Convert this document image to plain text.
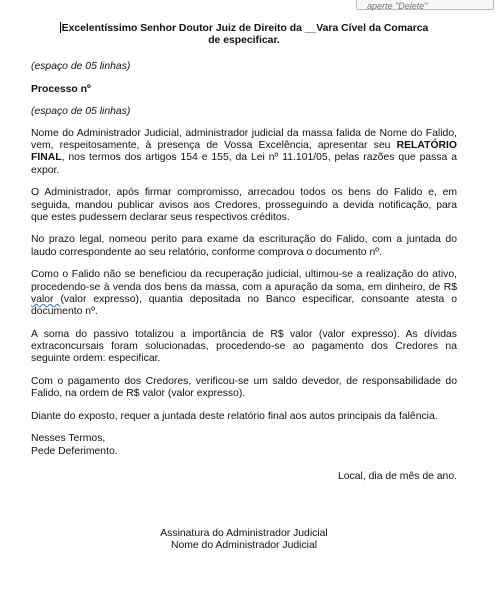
aperte "Delete"
Excelentíssimo Senhor Doutor Juiz de Direito da __Vara Cível da Comarca
de especificar.
(espaço de 05 linhas)
Processo nº
(espaço de 05 linhas)
Nome do Administrador Judicial, administrador judicial da massa falida de Nome do Falido, vem, respeitosamente, à presença de Vossa Excelência, apresentar seu RELATÓRIO FINAL, nos termos dos artigos 154 e 155, da Lei nº 11.101/05, pelas razões que passa a expor.
O Administrador, após firmar compromisso, arrecadou todos os bens do Falido e, em seguida, mandou publicar avisos aos Credores, prosseguindo a devida notificação, para que estes pudessem declarar seus respectivos créditos.
No prazo legal, nomeou perito para exame da escrituração do Falido, com a juntada do laudo correspondente ao seu relatório, conforme comprova o documento nº.
Como o Falido não se beneficiou da recuperação judicial, ultimou-se a realização do ativo, procedendo-se à venda dos bens da massa, com a apuração da soma, em dinheiro, de R$ valor (valor expresso), quantia depositada no Banco especificar, consoante atesta o documento nº.
A soma do passivo totalizou a importância de R$ valor (valor expresso). As dívidas extraconcursais foram solucionadas, procedendo-se ao pagamento dos Credores na seguinte ordem: especificar.
Com o pagamento dos Credores, verificou-se um saldo devedor, de responsabilidade do Falido, na ordem de R$ valor (valor expresso).
Diante do exposto, requer a juntada deste relatório final aos autos principais da falência.
Nesses Termos,
Pede Deferimento.
Local, dia de mês de ano.
Assinatura do Administrador Judicial
Nome do Administrador Judicial
